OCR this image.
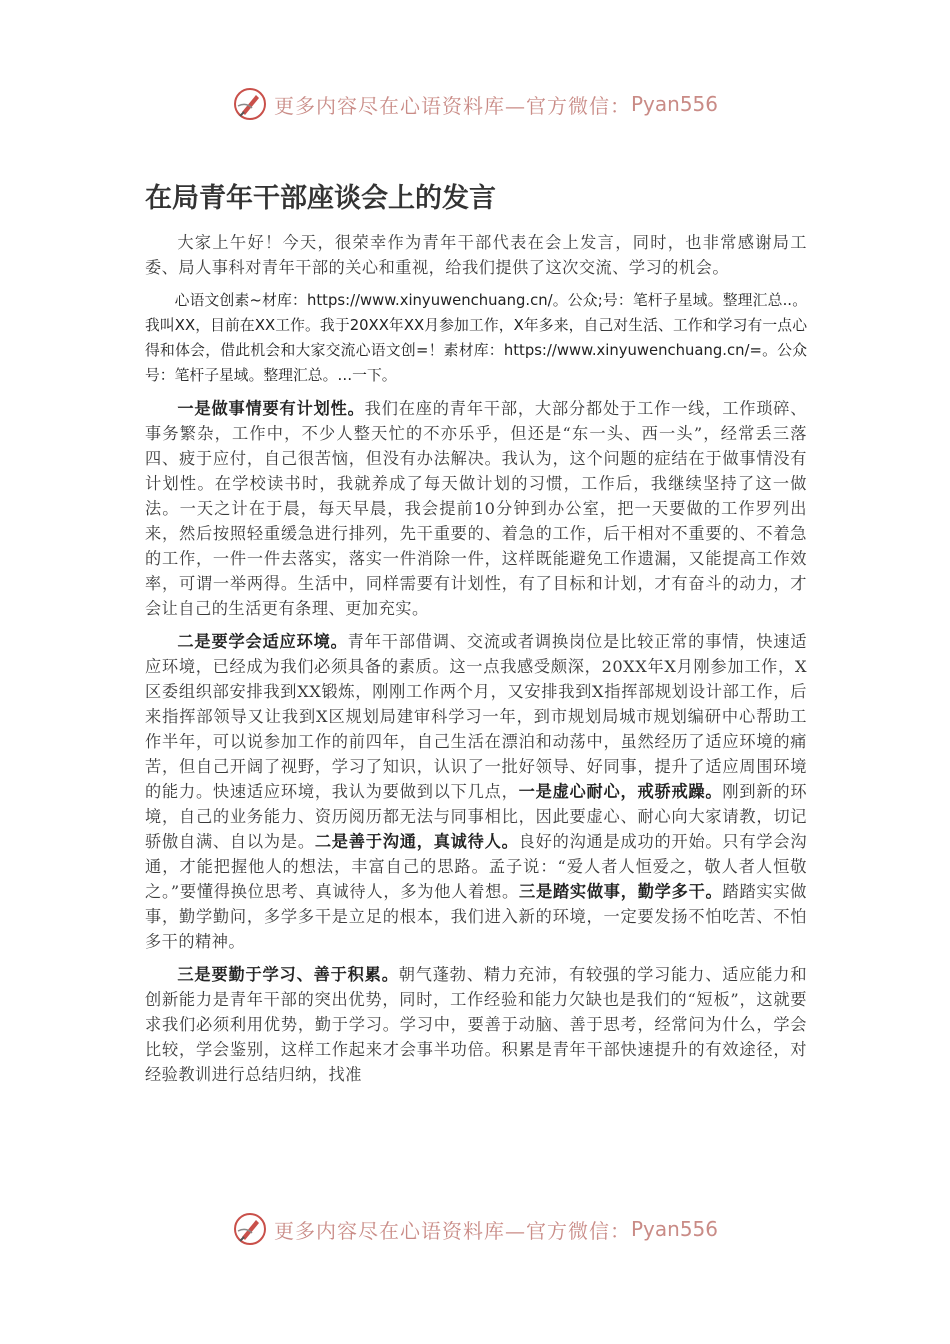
更多内容尽在心语资料库—官方微信： Pyan556
在局青年干部座谈会上的发言

大家上午好！今天，很荣幸作为青年干部代表在会上发言，同时，也非常感谢局工委、局人事科对青年干部的关心和重视，给我们提供了这次交流、学习的机会。

心语文创素~材库：https://www.xinyuwenchuang.cn/。公众;号：笔杆子星域。整理汇总..。我叫XX，目前在XX工作。我于20XX年XX月参加工作，X年多来，自己对生活、工作和学习有一点心得和体会，借此机会和大家交流心语文创=！素材库：https://www.xinyuwenchuang.cn/=。公众号：笔杆子星域。整理汇总。…一下。

一是做事情要有计划性。我们在座的青年干部，大部分都处于工作一线，工作琐碎、事务繁杂，工作中，不少人整天忙的不亦乐乎，但还是“东一头、西一头”，经常丢三落四、疲于应付，自己很苦恼，但没有办法解决。我认为，这个问题的症结在于做事情没有计划性。在学校读书时，我就养成了每天做计划的习惯，工作后，我继续坚持了这一做法。一天之计在于晨，每天早晨，我会提前10分钟到办公室，把一天要做的工作罗列出来，然后按照轻重缓急进行排列，先干重要的、着急的工作，后干相对不重要的、不着急的工作，一件一件去落实，落实一件消除一件，这样既能避免工作遗漏，又能提高工作效率，可谓一举两得。生活中，同样需要有计划性，有了目标和计划，才有奋斗的动力，才会让自己的生活更有条理、更加充实。

二是要学会适应环境。青年干部借调、交流或者调换岗位是比较正常的事情，快速适应环境，已经成为我们必须具备的素质。这一点我感受颇深，20XX年X月刚参加工作，X区委组织部安排我到XX锻炼，刚刚工作两个月，又安排我到X指挥部规划设计部工作，后来指挥部领导又让我到X区规划局建审科学习一年，到市规划局城市规划编研中心帮助工作半年，可以说参加工作的前四年，自己生活在漂泊和动荡中，虽然经历了适应环境的痛苦，但自己开阔了视野，学习了知识，认识了一批好领导、好同事，提升了适应周围环境的能力。快速适应环境，我认为要做到以下几点，一是虚心耐心，戒骄戒躁。刚到新的环境，自己的业务能力、资历阅历都无法与同事相比，因此要虚心、耐心向大家请教，切记骄傲自满、自以为是。二是善于沟通，真诚待人。良好的沟通是成功的开始。只有学会沟通，才能把握他人的想法，丰富自己的思路。孟子说：“爱人者人恒爱之，敬人者人恒敬之。”要懂得换位思考、真诚待人，多为他人着想。三是踏实做事，勤学多干。踏踏实实做事，勤学勤问，多学多干是立足的根本，我们进入新的环境，一定要发扬不怕吃苦、不怕多干的精神。

三是要勤于学习、善于积累。朝气蓬勃、精力充沛，有较强的学习能力、适应能力和创新能力是青年干部的突出优势，同时，工作经验和能力欠缺也是我们的“短板”，这就要求我们必须利用优势，勤于学习。学习中，要善于动脑、善于思考，经常问为什么，学会比较，学会鉴别，这样工作起来才会事半功倍。积累是青年干部快速提升的有效途径，对经验教训进行总结归纳，找准

更多内容尽在心语资料库—官方微信： Pyan556
